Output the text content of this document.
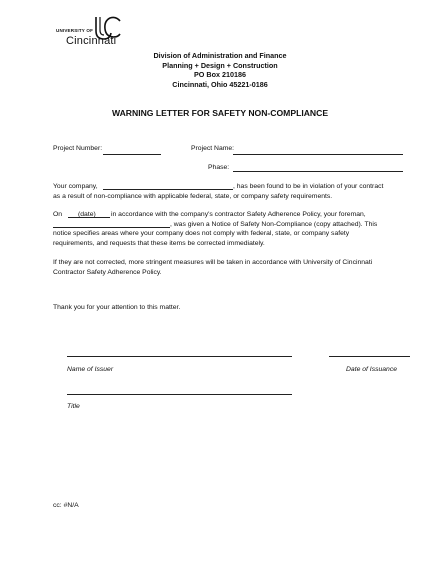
UNIVERSITY OF
Cincinnati
Division of Administration and Finance
Planning + Design + Construction
PO Box 210186
Cincinnati, Ohio 45221-0186
WARNING LETTER FOR SAFETY NON-COMPLIANCE
Project Number:	Project Name:
Phase:
Your company,	, has been found to be in violation of your contract
as a result of non-compliance with applicable federal, state, or company safety requirements.
On (date) in accordance with the company's contractor Safety Adherence Policy, your foreman,
, was given a Notice of Safety Non-Compliance (copy attached). This
notice specifies areas where your company does not comply with federal, state, or company safety
requirements, and requests that these items be corrected immediately.
If they are not corrected, more stringent measures will be taken in accordance with University of Cincinnati
Contractor Safety Adherence Policy.
Thank you for your attention to this matter.
Name of Issuer	Date of Issuance
Title
cc: #N/A
